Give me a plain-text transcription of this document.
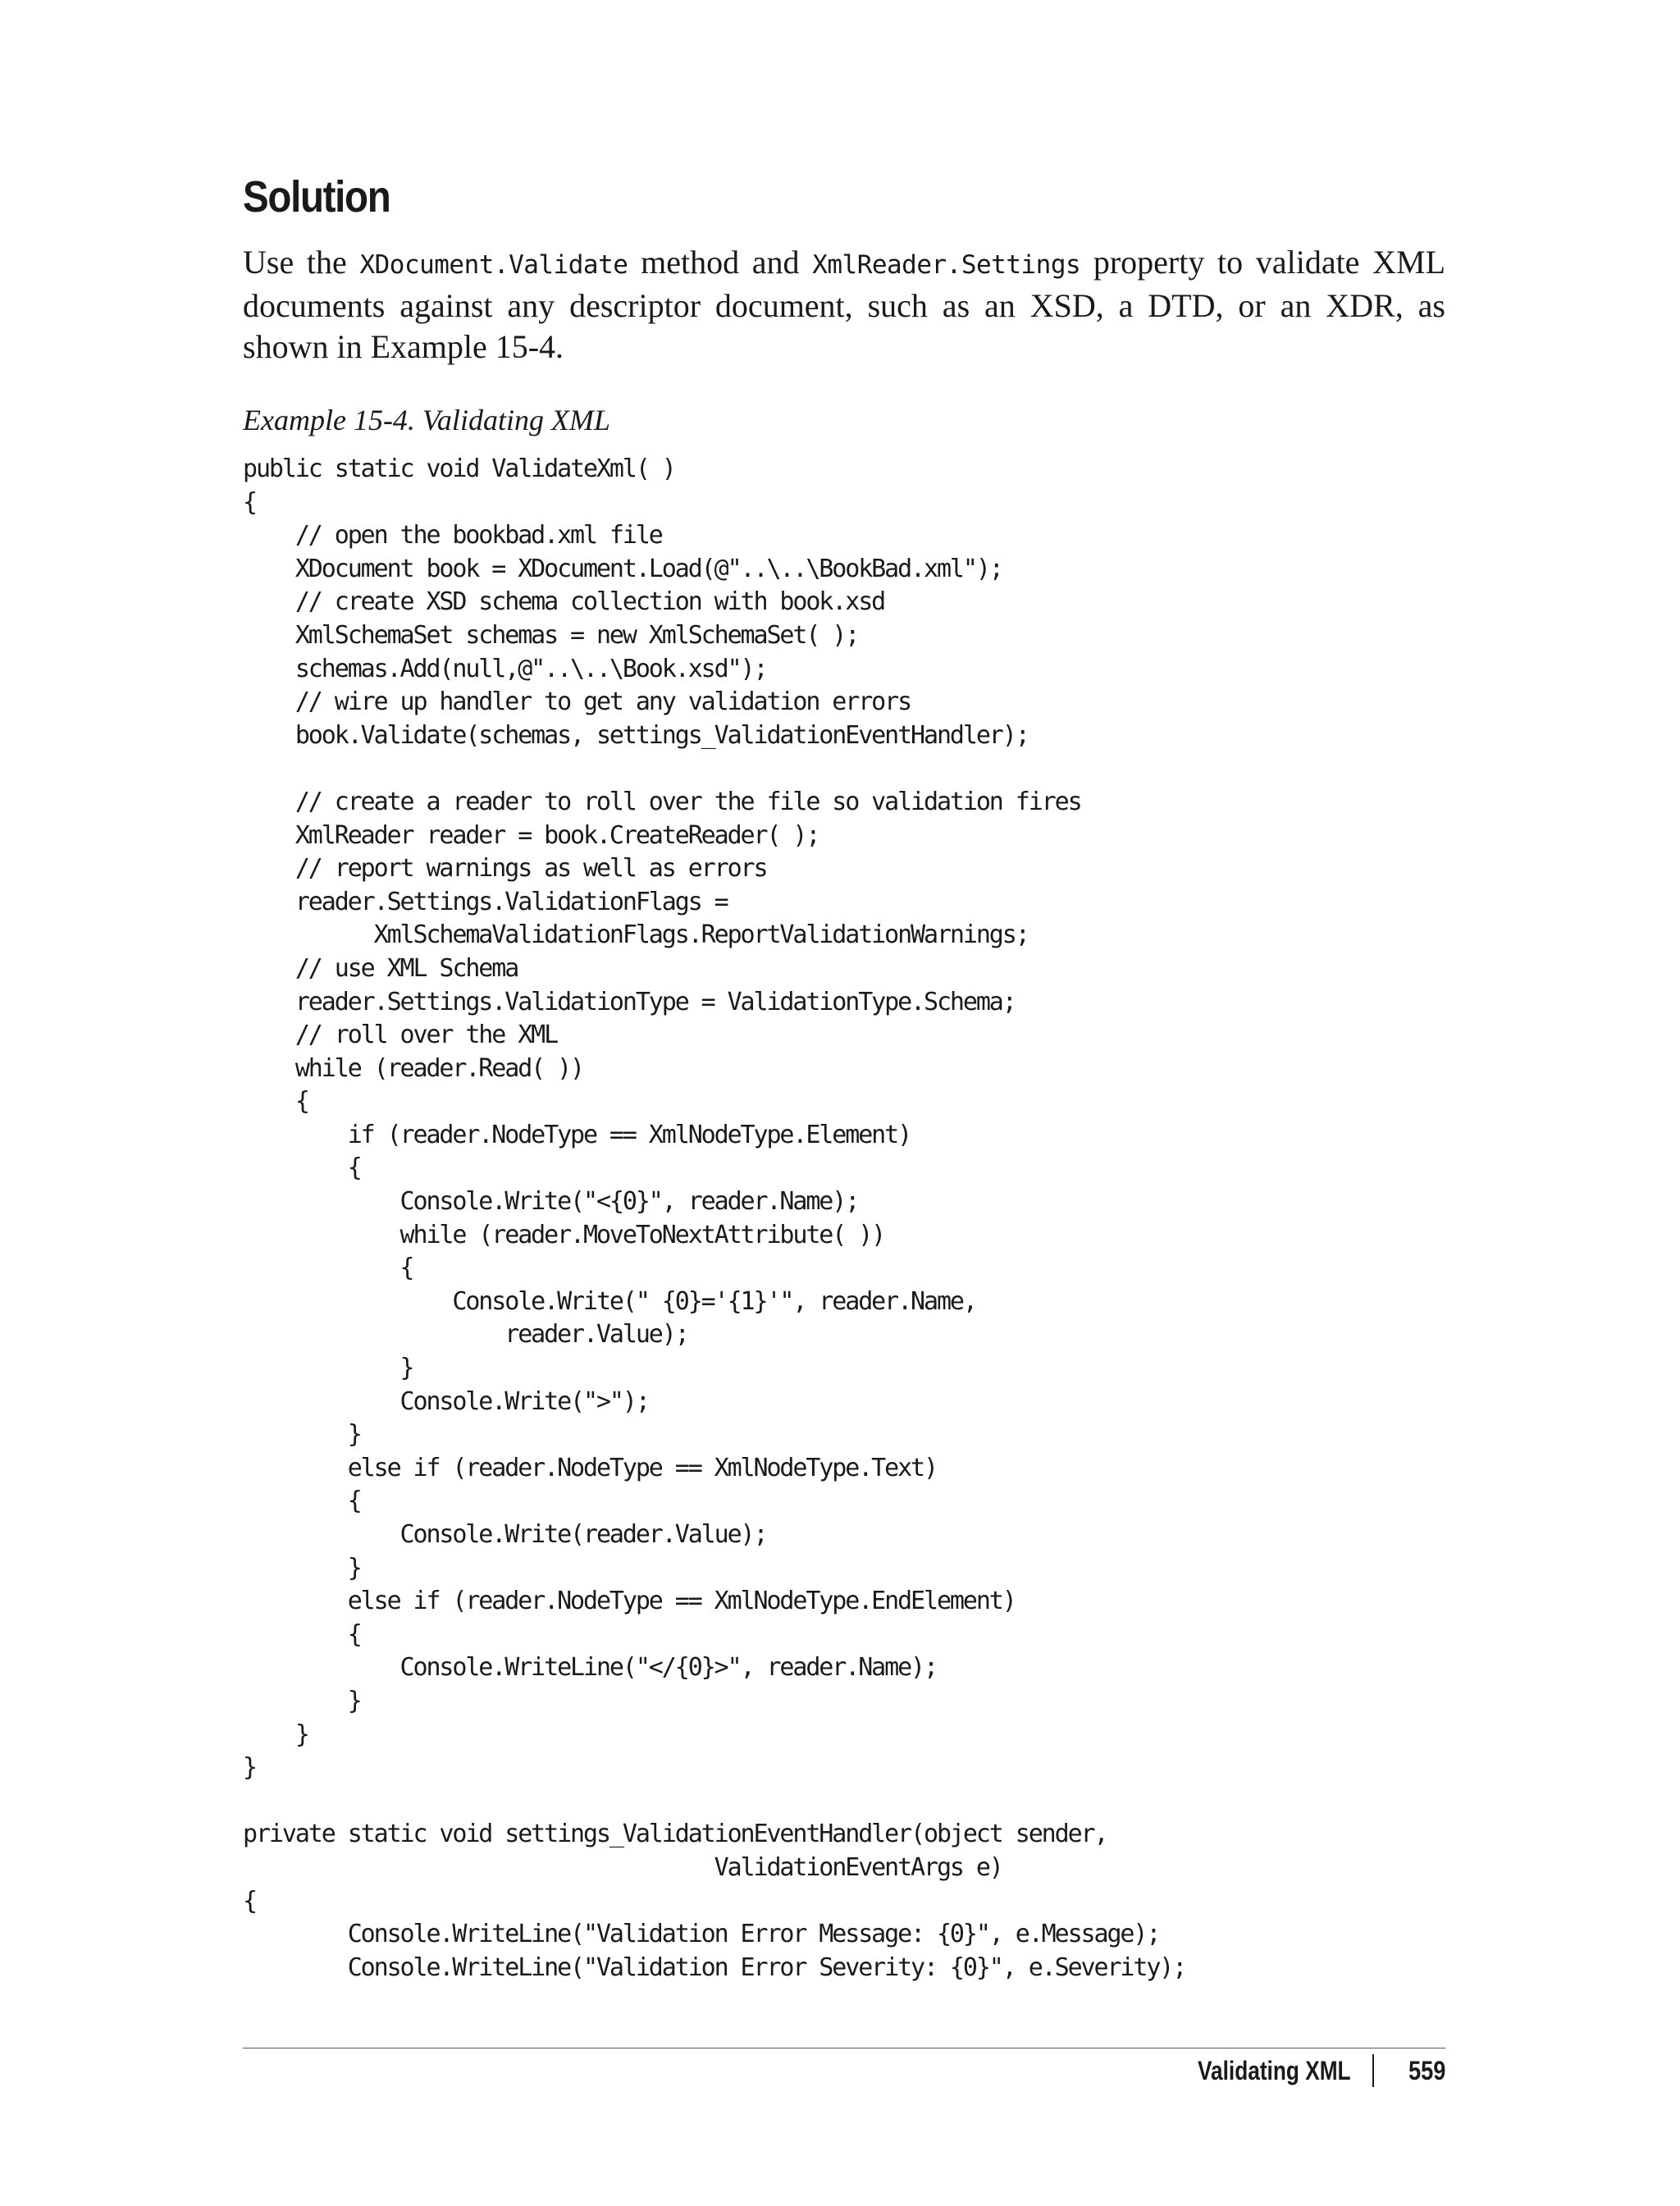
Solution

Use the XDocument.Validate method and XmlReader.Settings property to validate XML documents against any descriptor document, such as an XSD, a DTD, or an XDR, as shown in Example 15-4.

Example 15-4. Validating XML

public static void ValidateXml( )
{
// open the bookbad.xml file
XDocument book = XDocument.Load(@"..\..\BookBad.xml");
// create XSD schema collection with book.xsd
XmlSchemaSet schemas = new XmlSchemaSet( );
schemas.Add(null,@"..\..\Book.xsd");
// wire up handler to get any validation errors
book.Validate(schemas, settings_ValidationEventHandler);

// create a reader to roll over the file so validation fires
XmlReader reader = book.CreateReader( );
// report warnings as well as errors
reader.Settings.ValidationFlags =
XmlSchemaValidationFlags.ReportValidationWarnings;
// use XML Schema
reader.Settings.ValidationType = ValidationType.Schema;
// roll over the XML
while (reader.Read( ))
{
if (reader.NodeType == XmlNodeType.Element)
{
Console.Write("<{0}", reader.Name);
while (reader.MoveToNextAttribute( ))
{
Console.Write(" {0}='{1}'", reader.Name,
reader.Value);
}
Console.Write(">");
}
else if (reader.NodeType == XmlNodeType.Text)
{
Console.Write(reader.Value);
}
else if (reader.NodeType == XmlNodeType.EndElement)
{
Console.WriteLine("</{0}>", reader.Name);
}
}
}

private static void settings_ValidationEventHandler(object sender,
ValidationEventArgs e)
{
Console.WriteLine("Validation Error Message: {0}", e.Message);
Console.WriteLine("Validation Error Severity: {0}", e.Severity);

Validating XML 559
